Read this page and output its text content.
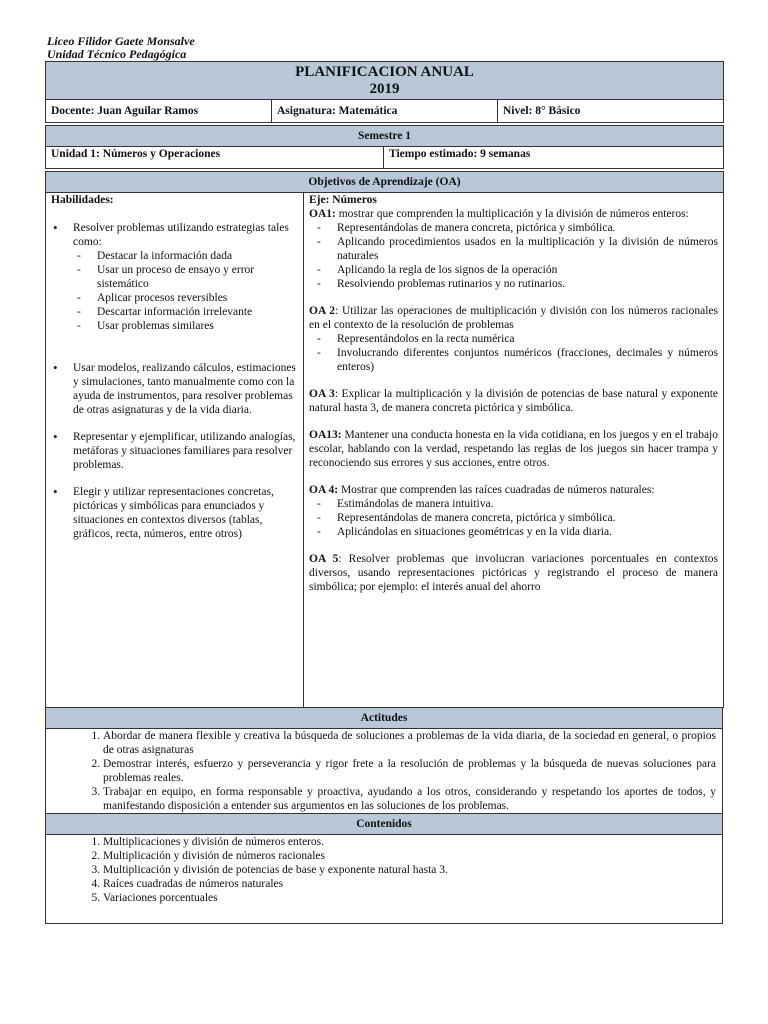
Liceo Filidor Gaete Monsalve
Unidad Técnico Pedagógica
PLANIFICACION ANUAL
2019

Docente: Juan Aguilar Ramos	Asignatura: Matemática	Nivel: 8° Básico
Semestre 1
Unidad 1: Números y Operaciones	Tiempo estimado: 9 semanas
Objetivos de Aprendizaje (OA)

Habilidades:
• Resolver problemas utilizando estrategias tales como:
- Destacar la información dada
- Usar un proceso de ensayo y error sistemático
- Aplicar procesos reversibles
- Descartar información irrelevante
- Usar problemas similares
• Usar modelos, realizando cálculos, estimaciones y simulaciones, tanto manualmente como con la ayuda de instrumentos, para resolver problemas de otras asignaturas y de la vida diaria.
• Representar y ejemplificar, utilizando analogías, metáforas y situaciones familiares para resolver problemas.
• Elegir y utilizar representaciones concretas, pictóricas y simbólicas para enunciados y situaciones en contextos diversos (tablas, gráficos, recta, números, entre otros)

Eje: Números
OA1: mostrar que comprenden la multiplicación y la división de números enteros:
- Representándolas de manera concreta, pictórica y simbólica.
- Aplicando procedimientos usados en la multiplicación y la división de números naturales
- Aplicando la regla de los signos de la operación
- Resolviendo problemas rutinarios y no rutinarios.
OA 2: Utilizar las operaciones de multiplicación y división con los números racionales en el contexto de la resolución de problemas
- Representándolos en la recta numérica
- Involucrando diferentes conjuntos numéricos (fracciones, decimales y números enteros)
OA 3: Explicar la multiplicación y la división de potencias de base natural y exponente natural hasta 3, de manera concreta pictórica y simbólica.
OA13: Mantener una conducta honesta en la vida cotidiana, en los juegos y en el trabajo escolar, hablando con la verdad, respetando las reglas de los juegos sin hacer trampa y reconociendo sus errores y sus acciones, entre otros.
OA 4: Mostrar que comprenden las raíces cuadradas de números naturales:
- Estimándolas de manera intuitiva.
- Representándolas de manera concreta, pictórica y simbólica.
- Aplicándolas en situaciones geométricas y en la vida diaria.
OA 5: Resolver problemas que involucran variaciones porcentuales en contextos diversos, usando representaciones pictóricas y registrando el proceso de manera simbólica; por ejemplo: el interés anual del ahorro
Actitudes

1. Abordar de manera flexible y creativa la búsqueda de soluciones a problemas de la vida diaria, de la sociedad en general, o propios de otras asignaturas
2. Demostrar interés, esfuerzo y perseverancia y rigor frete a la resolución de problemas y la búsqueda de nuevas soluciones para problemas reales.
3. Trabajar en equipo, en forma responsable y proactiva, ayudando a los otros, considerando y respetando los aportes de todos, y manifestando disposición a entender sus argumentos en las soluciones de los problemas.

Contenidos

1. Multiplicaciones y división de números enteros.
2. Multiplicación y división de números racionales
3. Multiplicación y división de potencias de base y exponente natural hasta 3.
4. Raíces cuadradas de números naturales
5. Variaciones porcentuales
